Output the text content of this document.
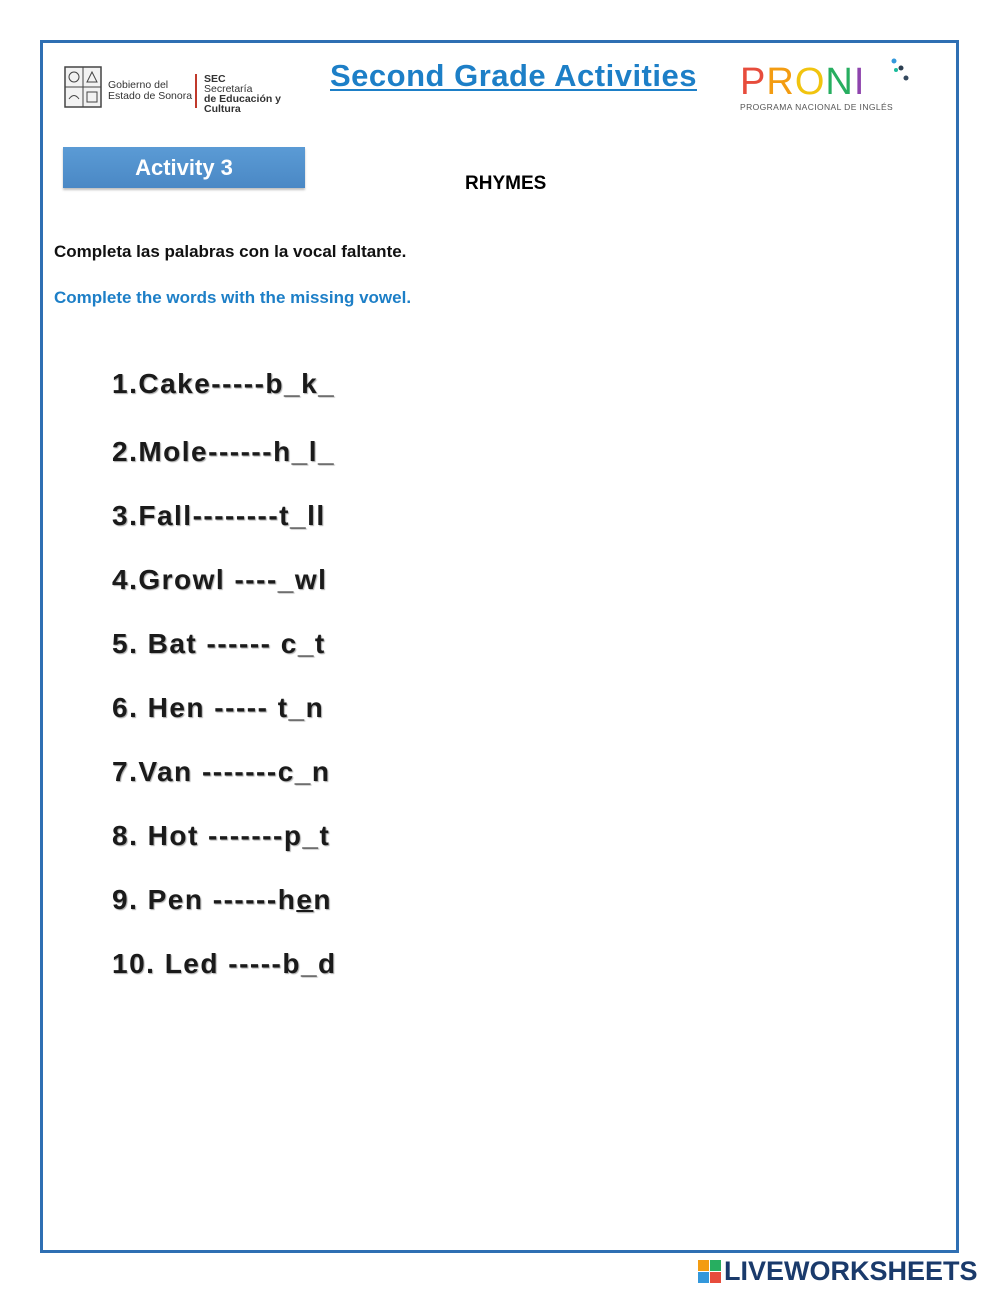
Gobierno del
Estado de Sonora
SEC
Secretaría
de Educación y Cultura
Second Grade Activities PRONI
PROGRAMA NACIONAL DE INGLÉS
Activity 3
RHYMES
Completa las palabras con la vocal faltante.
Complete the words with the missing vowel.
1.Cake-----b_k_
2.Mole------h_l_
3.Fall--------t_ll
4.Growl ----_wl
5. Bat ------ c_t
6. Hen ----- t_n
7.Van -------c_n
8. Hot -------p_t
9. Pen ------hen
10. Led -----b_d
LIVEWORKSHEETS
